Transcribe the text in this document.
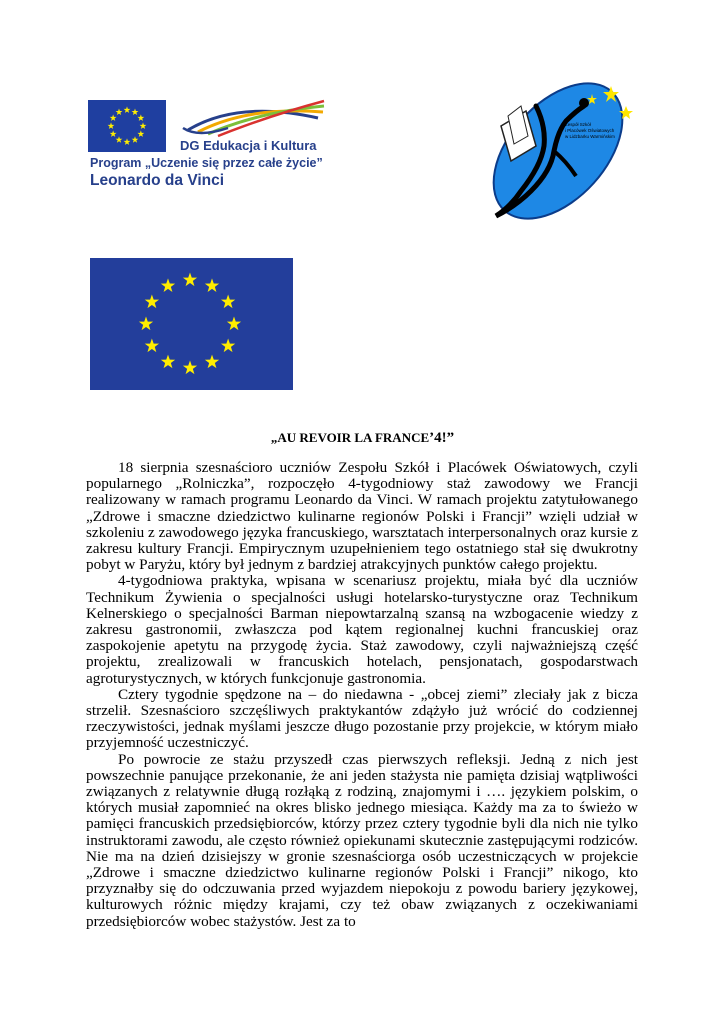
DG Edukacja i Kultura
Program „Uczenie się przez całe życie”
Leonardo da Vinci
Zespół Szkół
i Placówek Oświatowych
w Lidzbarku Warmińskim
„AU REVOIR LA FRANCE’4!”

18 sierpnia szesnaścioro uczniów Zespołu Szkół i Placówek Oświatowych, czyli popularnego „Rolniczka”, rozpoczęło 4-tygodniowy staż zawodowy we Francji realizowany w ramach programu Leonardo da Vinci. W ramach projektu zatytułowanego „Zdrowe i smaczne dziedzictwo kulinarne regionów Polski i Francji” wzięli udział w szkoleniu z zawodowego języka francuskiego, warsztatach interpersonalnych oraz kursie z zakresu kultury Francji. Empirycznym uzupełnieniem tego ostatniego stał się dwukrotny pobyt w Paryżu, który był jednym z bardziej atrakcyjnych punktów całego projektu.

4-tygodniowa praktyka, wpisana w scenariusz projektu, miała być dla uczniów Technikum Żywienia o specjalności usługi hotelarsko-turystyczne oraz Technikum Kelnerskiego o specjalności Barman niepowtarzalną szansą na wzbogacenie wiedzy z zakresu gastronomii, zwłaszcza pod kątem regionalnej kuchni francuskiej oraz zaspokojenie apetytu na przygodę życia. Staż zawodowy, czyli najważniejszą część projektu, zrealizowali w francuskich hotelach, pensjonatach, gospodarstwach agroturystycznych, w których funkcjonuje gastronomia.

Cztery tygodnie spędzone na – do niedawna - „obcej ziemi” zleciały jak z bicza strzelił. Szesnaścioro szczęśliwych praktykantów zdążyło już wrócić do codziennej rzeczywistości, jednak myślami jeszcze długo pozostanie przy projekcie, w którym miało przyjemność uczestniczyć.

Po powrocie ze stażu przyszedł czas pierwszych refleksji. Jedną z nich jest powszechnie panujące przekonanie, że ani jeden stażysta nie pamięta dzisiaj wątpliwości związanych z relatywnie długą rozłąką z rodziną, znajomymi i …. językiem polskim, o których musiał zapomnieć na okres blisko jednego miesiąca. Każdy ma za to świeżo w pamięci francuskich przedsiębiorców, którzy przez cztery tygodnie byli dla nich nie tylko instruktorami zawodu, ale często również opiekunami skutecznie zastępującymi rodziców. Nie ma na dzień dzisiejszy w gronie szesnaściorga osób uczestniczących w projekcie „Zdrowe i smaczne dziedzictwo kulinarne regionów Polski i Francji” nikogo, kto przyznałby się do odczuwania przed wyjazdem niepokoju z powodu bariery językowej, kulturowych różnic między krajami, czy też obaw związanych z oczekiwaniami przedsiębiorców wobec stażystów. Jest za to
